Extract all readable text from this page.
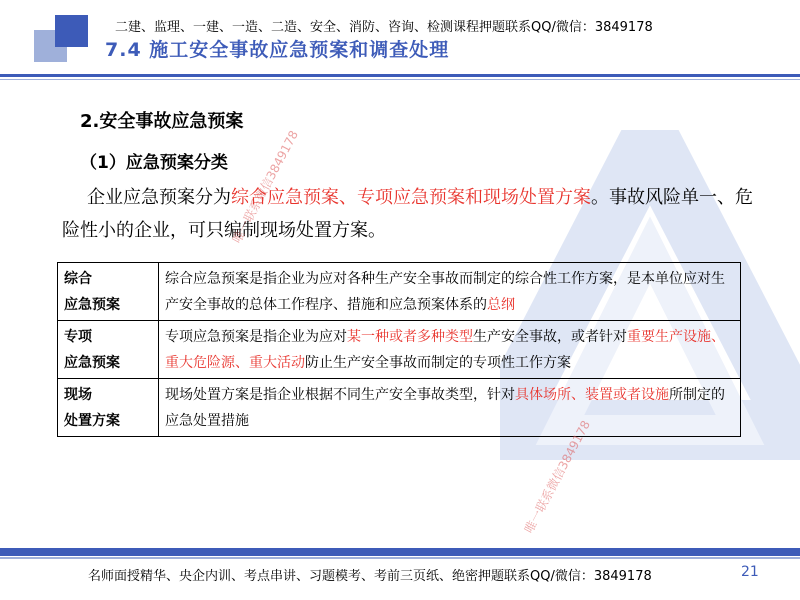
二建、监理、一建、一造、二造、安全、消防、咨询、检测课程押题联系QQ/微信：3849178
7.4 施工安全事故应急预案和调查处理
2.安全事故应急预案
（1）应急预案分类
企业应急预案分为综合应急预案、专项应急预案和现场处置方案。事故风险单一、危险性小的企业，可只编制现场处置方案。
综合
应急预案	综合应急预案是指企业为应对各种生产安全事故而制定的综合性工作方案，是本单位应对生产安全事故的总体工作程序、措施和应急预案体系的总纲
专项
应急预案	专项应急预案是指企业为应对某一种或者多种类型生产安全事故，或者针对重要生产设施、重大危险源、重大活动防止生产安全事故而制定的专项性工作方案
现场
处置方案	现场处置方案是指企业根据不同生产安全事故类型，针对具体场所、装置或者设施所制定的应急处置措施
唯一联系微信3849178
唯一联系微信3849178
名师面授精华、央企内训、考点串讲、习题模考、考前三页纸、绝密押题联系QQ/微信：3849178	21
